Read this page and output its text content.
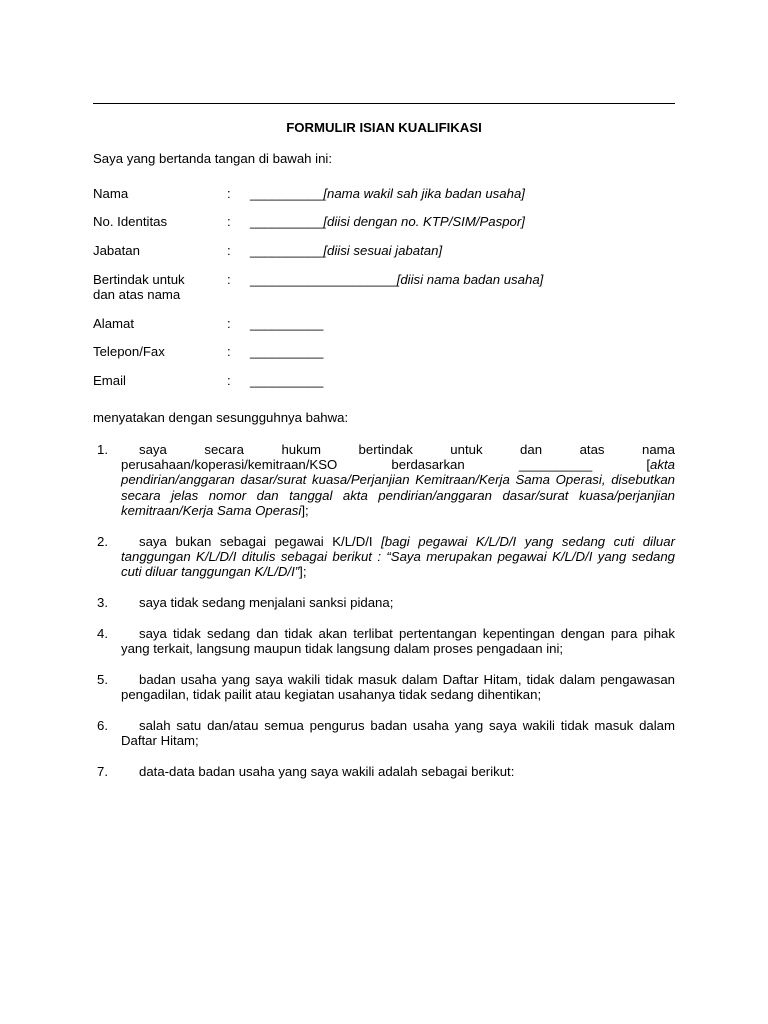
FORMULIR ISIAN KUALIFIKASI
Saya yang bertanda tangan di bawah ini:
Nama	: __________[nama wakil sah jika badan usaha]
No. Identitas	: __________[diisi dengan no. KTP/SIM/Paspor]
Jabatan	: __________[diisi sesuai jabatan]
Bertindak untuk
dan atas nama
: ____________________[diisi nama badan usaha]
Alamat	: __________
Telepon/Fax	: __________
Email	: __________
menyatakan dengan sesungguhnya bahwa:
1.	saya secara hukum bertindak untuk dan atas nama
perusahaan/koperasi/kemitraan/KSO berdasarkan	__________	[akta
pendirian/anggaran dasar/surat kuasa/Perjanjian Kemitraan/Kerja Sama Operasi, disebutkan secara jelas nomor dan tanggal akta pendirian/anggaran dasar/surat kuasa/perjanjian kemitraan/Kerja Sama Operasi];
2.	saya bukan sebagai pegawai K/L/D/I [bagi pegawai K/L/D/I yang sedang cuti diluar tanggungan K/L/D/I ditulis sebagai berikut : “Saya merupakan pegawai K/L/D/I yang sedang cuti diluar tanggungan K/L/D/I”];
3.	saya tidak sedang menjalani sanksi pidana;
4.	saya tidak sedang dan tidak akan terlibat pertentangan kepentingan dengan para pihak yang terkait, langsung maupun tidak langsung dalam proses pengadaan ini;
5.	badan usaha yang saya wakili tidak masuk dalam Daftar Hitam, tidak dalam pengawasan pengadilan, tidak pailit atau kegiatan usahanya tidak sedang dihentikan;
6.	salah satu dan/atau semua pengurus badan usaha yang saya wakili tidak masuk dalam Daftar Hitam;
7.	data-data badan usaha yang saya wakili adalah sebagai berikut:
